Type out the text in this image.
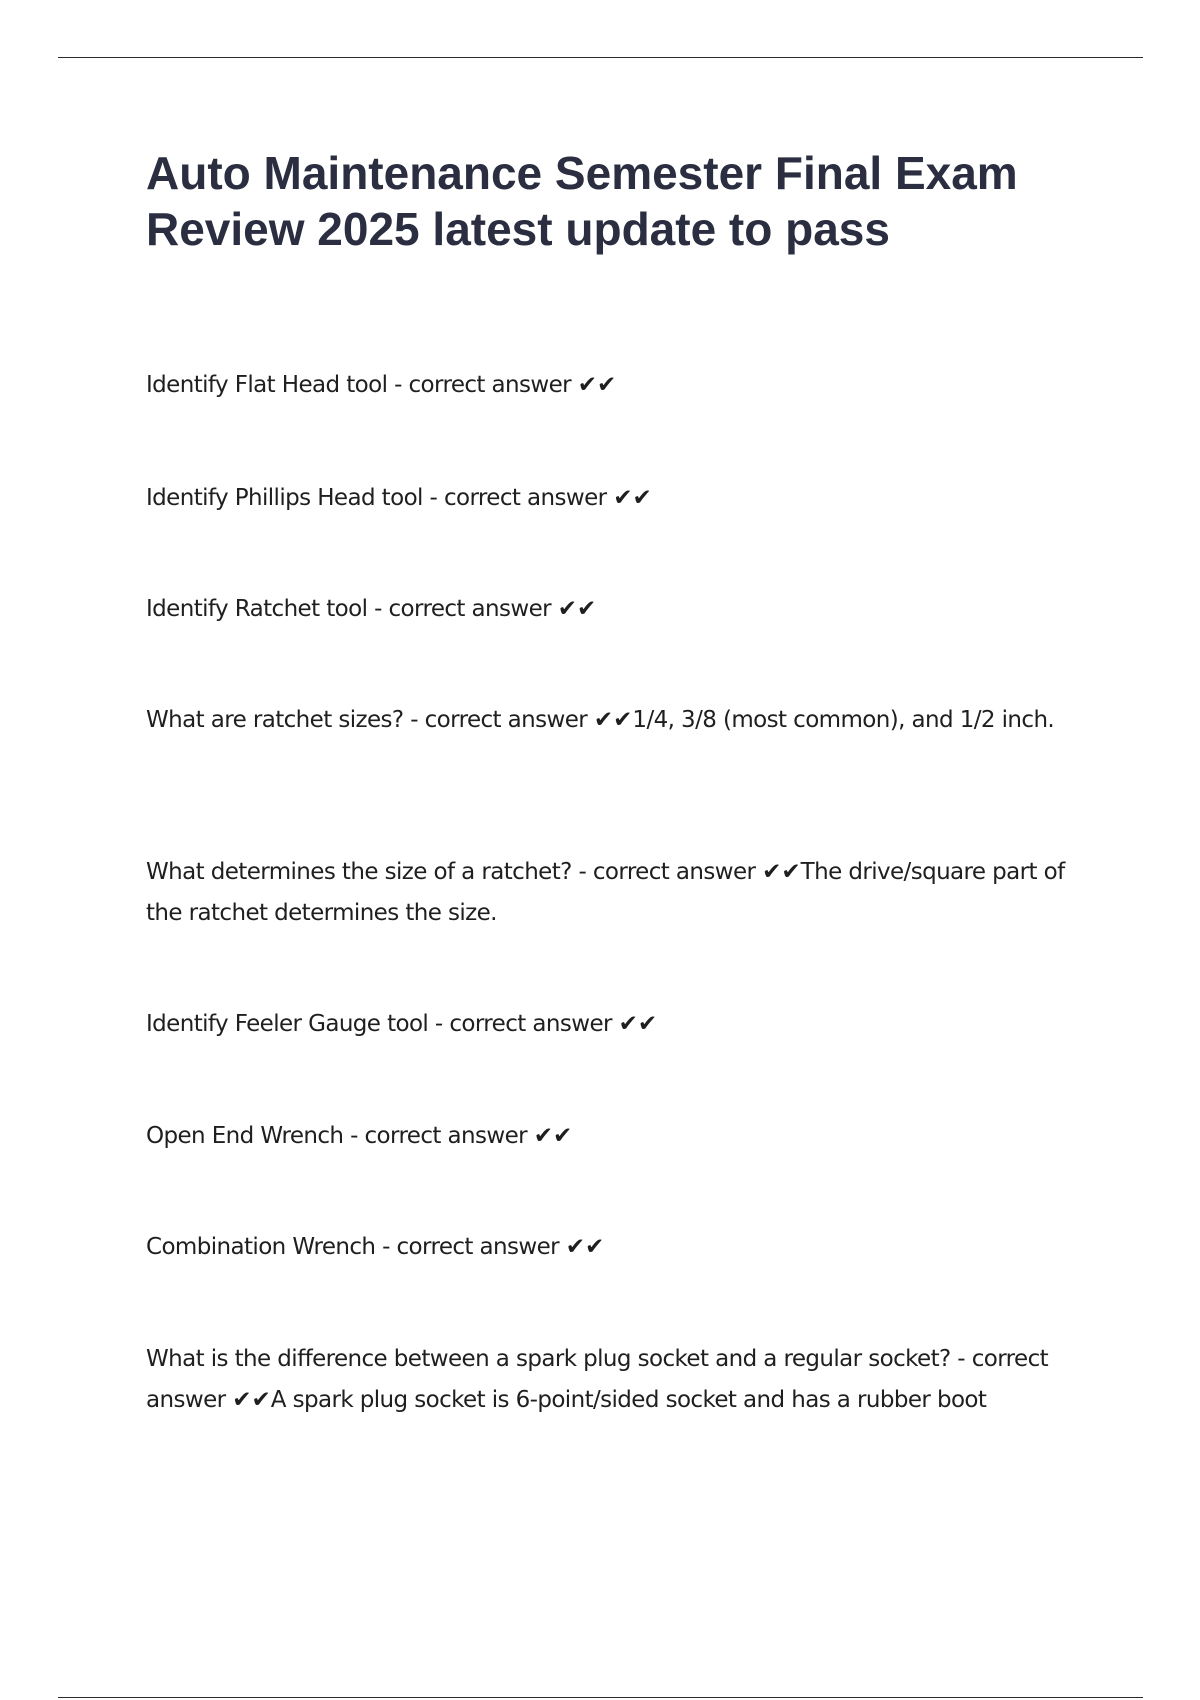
Auto Maintenance Semester Final Exam Review 2025 latest update to pass

Identify Flat Head tool - correct answer ✔✔

Identify Phillips Head tool - correct answer ✔✔

Identify Ratchet tool - correct answer ✔✔

What are ratchet sizes? - correct answer ✔✔1/4, 3/8 (most common), and 1/2 inch.

What determines the size of a ratchet? - correct answer ✔✔The drive/square part of the ratchet determines the size.

Identify Feeler Gauge tool - correct answer ✔✔

Open End Wrench - correct answer ✔✔

Combination Wrench - correct answer ✔✔

What is the difference between a spark plug socket and a regular socket? - correct answer ✔✔A spark plug socket is 6-point/sided socket and has a rubber boot
